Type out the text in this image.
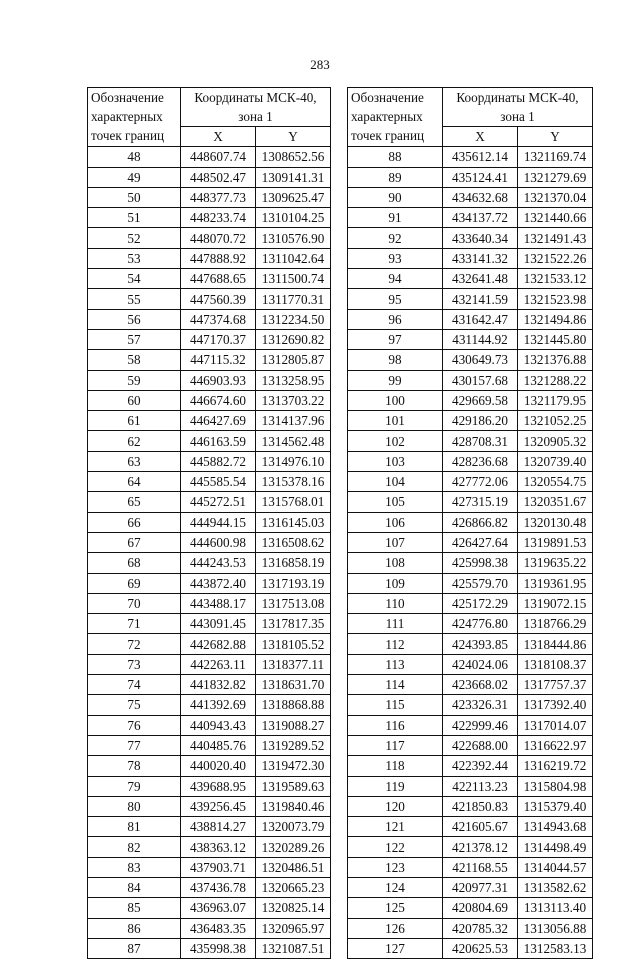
283
Обозначение
характерных
точек границ	Координаты МСК-40,
зона 1	

	X	Y
48	448607.74	1308652.56
49	448502.47	1309141.31
50	448377.73	1309625.47
51	448233.74	1310104.25
52	448070.72	1310576.90
53	447888.92	1311042.64
54	447688.65	1311500.74
55	447560.39	1311770.31
56	447374.68	1312234.50
57	447170.37	1312690.82
58	447115.32	1312805.87
59	446903.93	1313258.95
60	446674.60	1313703.22
61	446427.69	1314137.96
62	446163.59	1314562.48
63	445882.72	1314976.10
64	445585.54	1315378.16
65	445272.51	1315768.01
66	444944.15	1316145.03
67	444600.98	1316508.62
68	444243.53	1316858.19
69	443872.40	1317193.19
70	443488.17	1317513.08
71	443091.45	1317817.35
72	442682.88	1318105.52
73	442263.11	1318377.11
74	441832.82	1318631.70
75	441392.69	1318868.88
76	440943.43	1319088.27
77	440485.76	1319289.52
78	440020.40	1319472.30
79	439688.95	1319589.63
80	439256.45	1319840.46
81	438814.27	1320073.79
82	438363.12	1320289.26
83	437903.71	1320486.51
84	437436.78	1320665.23
85	436963.07	1320825.14
86	436483.35	1320965.97
87	435998.38	1321087.51
Обозначение
характерных
точек границ	Координаты МСК-40,
зона 1	

	X	Y
88	435612.14	1321169.74
89	435124.41	1321279.69
90	434632.68	1321370.04
91	434137.72	1321440.66
92	433640.34	1321491.43
93	433141.32	1321522.26
94	432641.48	1321533.12
95	432141.59	1321523.98
96	431642.47	1321494.86
97	431144.92	1321445.80
98	430649.73	1321376.88
99	430157.68	1321288.22
100	429669.58	1321179.95
101	429186.20	1321052.25
102	428708.31	1320905.32
103	428236.68	1320739.40
104	427772.06	1320554.75
105	427315.19	1320351.67
106	426866.82	1320130.48
107	426427.64	1319891.53
108	425998.38	1319635.22
109	425579.70	1319361.95
110	425172.29	1319072.15
111	424776.80	1318766.29
112	424393.85	1318444.86
113	424024.06	1318108.37
114	423668.02	1317757.37
115	423326.31	1317392.40
116	422999.46	1317014.07
117	422688.00	1316622.97
118	422392.44	1316219.72
119	422113.23	1315804.98
120	421850.83	1315379.40
121	421605.67	1314943.68
122	421378.12	1314498.49
123	421168.55	1314044.57
124	420977.31	1313582.62
125	420804.69	1313113.40
126	420785.32	1313056.88
127	420625.53	1312583.13
